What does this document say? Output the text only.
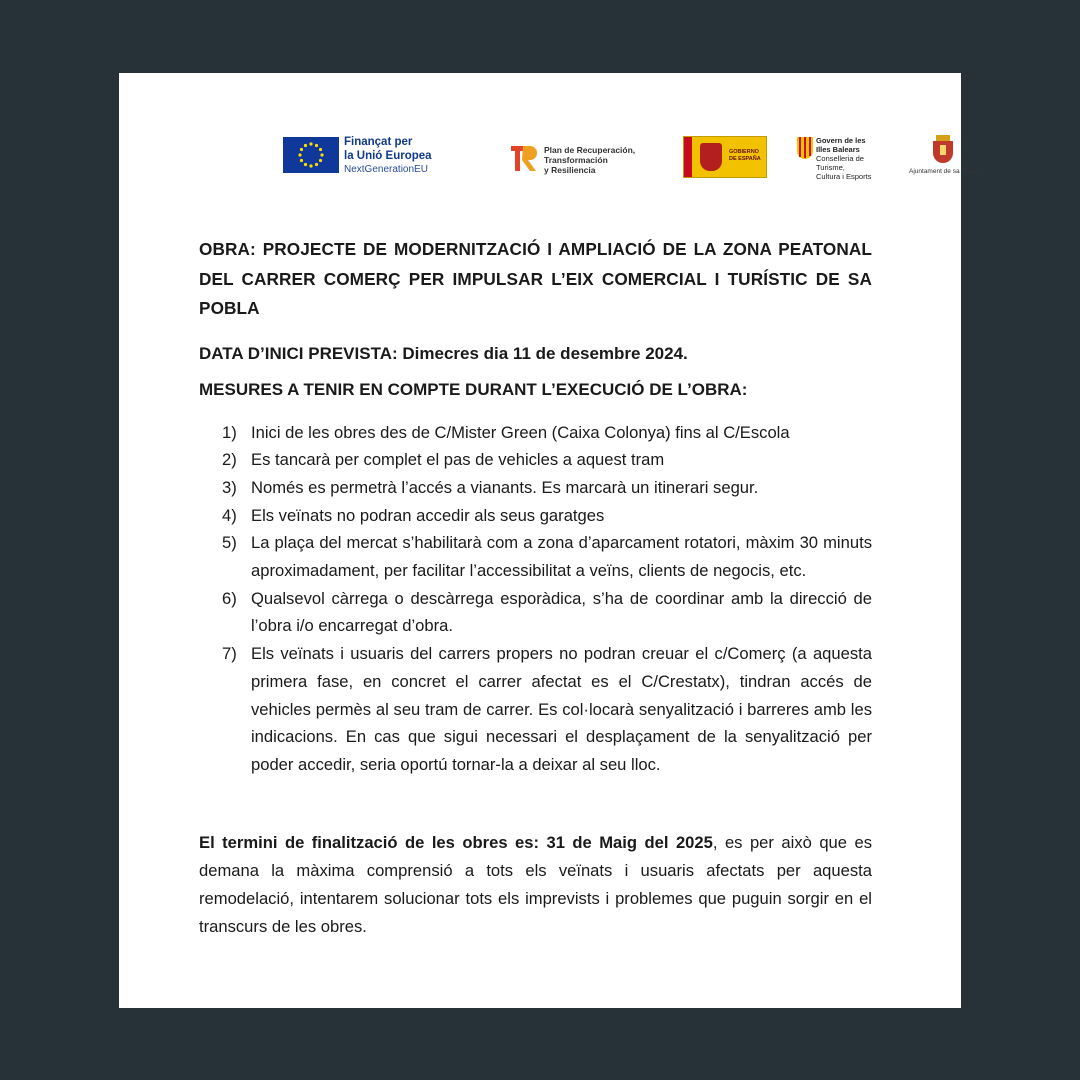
Finançat per
la Unió Europea
NextGenerationEU
Plan de Recuperación,
Transformación
y Resiliencia
GOBIERNO
DE ESPAÑA
Govern de les
Illes Balears
Conselleria de Turisme,
Cultura i Esports
Ajuntament de sa Pobla

OBRA: PROJECTE DE MODERNITZACIÓ I AMPLIACIÓ DE LA ZONA PEATONAL DEL CARRER COMERÇ PER IMPULSAR L’EIX COMERCIAL I TURÍSTIC DE SA POBLA

DATA D’INICI PREVISTA: Dimecres dia 11 de desembre 2024.

MESURES A TENIR EN COMPTE DURANT L’EXECUCIÓ DE L’OBRA:

1) Inici de les obres des de C/Mister Green (Caixa Colonya) fins al C/Escola
2) Es tancarà per complet el pas de vehicles a aquest tram
3) Només es permetrà l’accés a vianants. Es marcarà un itinerari segur.
4) Els veïnats no podran accedir als seus garatges
5) La plaça del mercat s’habilitarà com a zona d’aparcament rotatori, màxim 30 minuts aproximadament, per facilitar l’accessibilitat a veïns, clients de negocis, etc.
6) Qualsevol càrrega o descàrrega esporàdica, s’ha de coordinar amb la direcció de l’obra i/o encarregat d’obra.
7) Els veïnats i usuaris del carrers propers no podran creuar el c/Comerç (a aquesta primera fase, en concret el carrer afectat es el C/Crestatx), tindran accés de vehicles permès al seu tram de carrer. Es col·locarà senyalització i barreres amb les indicacions. En cas que sigui necessari el desplaçament de la senyalització per poder accedir, seria oportú tornar-la a deixar al seu lloc.

El termini de finalització de les obres es: 31 de Maig del 2025, es per això que es demana la màxima comprensió a tots els veïnats i usuaris afectats per aquesta remodelació, intentarem solucionar tots els imprevists i problemes que puguin sorgir en el transcurs de les obres.
